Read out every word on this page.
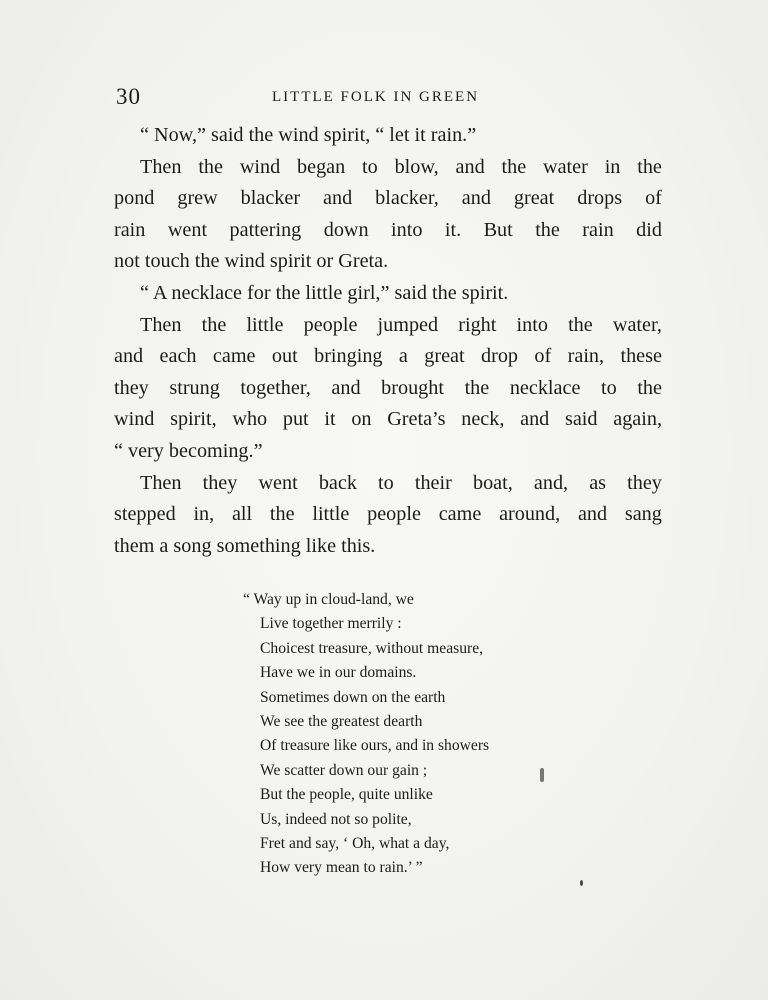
30	LITTLE FOLK IN GREEN
“ Now,” said the wind spirit, “ let it rain.”
Then the wind began to blow, and the water in the
pond grew blacker and blacker, and great drops of
rain went pattering down into it. But the rain did
not touch the wind spirit or Greta.
“ A necklace for the little girl,” said the spirit.
Then the little people jumped right into the water,
and each came out bringing a great drop of rain, these
they strung together, and brought the necklace to the
wind spirit, who put it on Greta’s neck, and said again,
“ very becoming.”
Then they went back to their boat, and, as they
stepped in, all the little people came around, and sang
them a song something like this.
“ Way up in cloud-land, we
Live together merrily :
Choicest treasure, without measure,
Have we in our domains.
Sometimes down on the earth
We see the greatest dearth
Of treasure like ours, and in showers
We scatter down our gain ;
But the people, quite unlike
Us, indeed not so polite,
Fret and say, ‘ Oh, what a day,
How very mean to rain.’ ”
